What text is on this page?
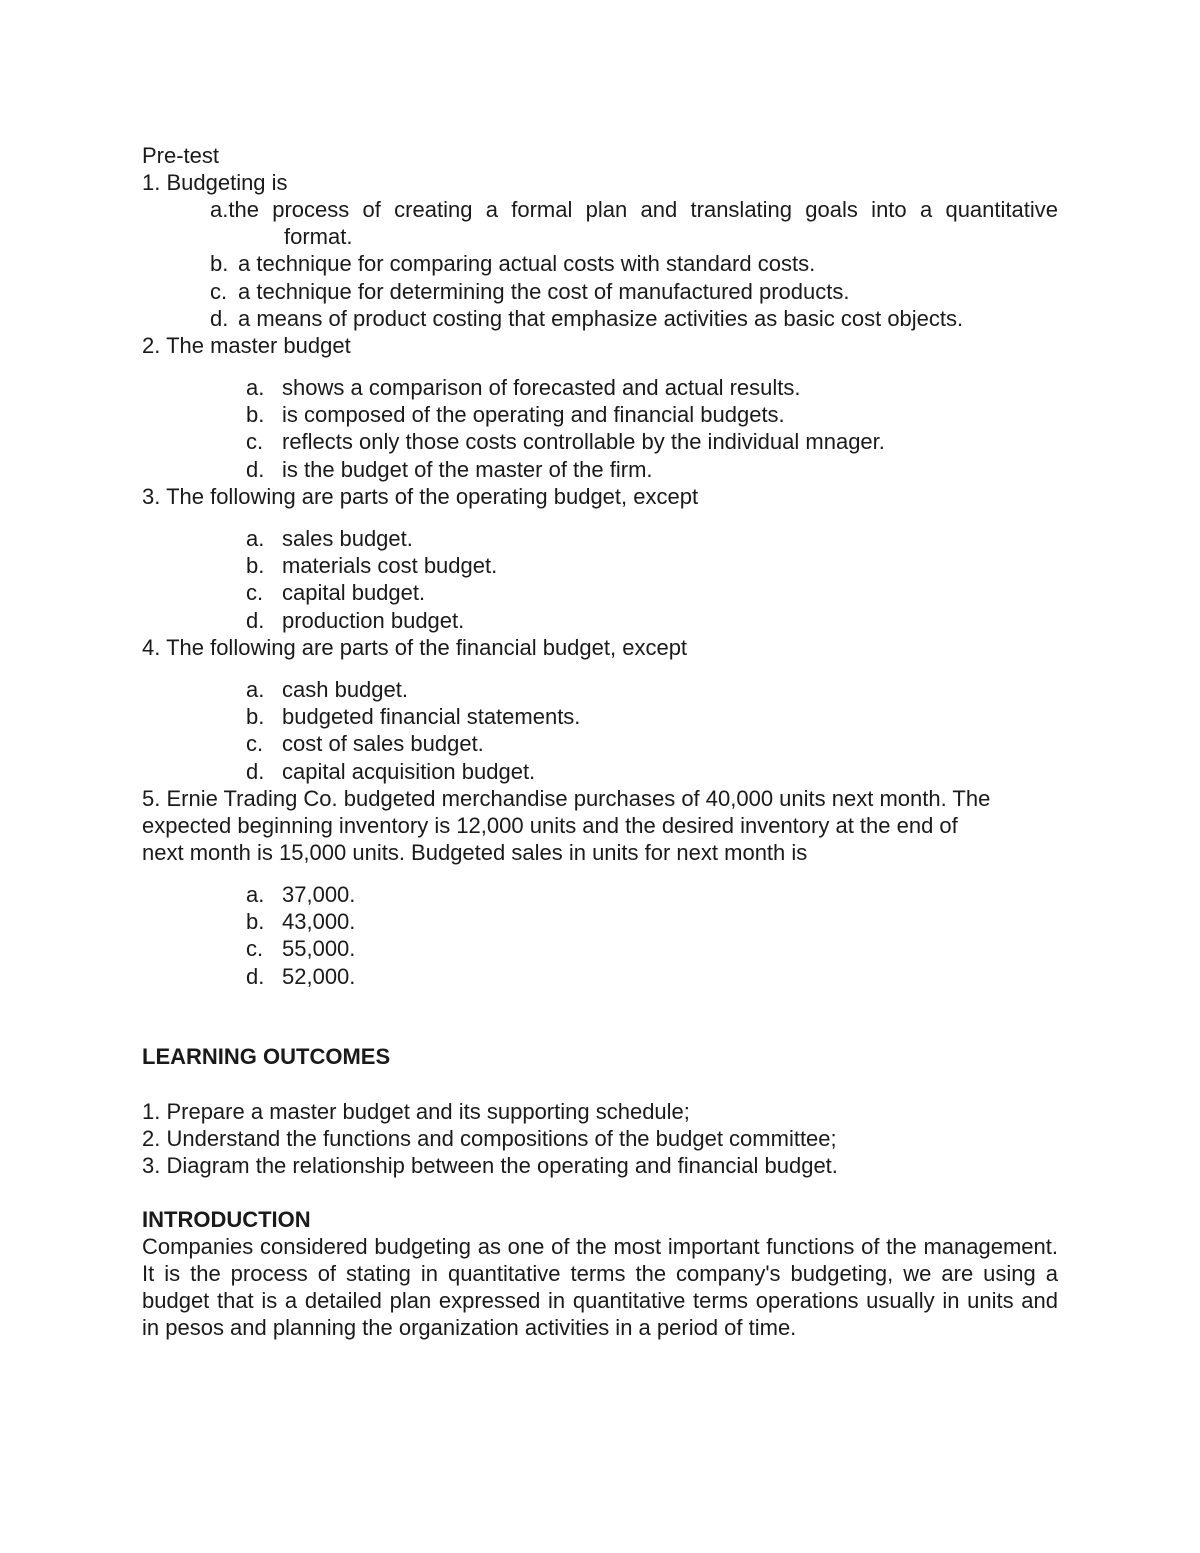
Pre-test
1. Budgeting is
a.the process of creating a formal plan and translating goals into a quantitative
format.
b. a technique for comparing actual costs with standard costs.
c. a technique for determining the cost of manufactured products.
d. a means of product costing that emphasize activities as basic cost objects.
2. The master budget
a. shows a comparison of forecasted and actual results.
b. is composed of the operating and financial budgets.
c. reflects only those costs controllable by the individual mnager.
d. is the budget of the master of the firm.
3. The following are parts of the operating budget, except
a. sales budget.
b. materials cost budget.
c. capital budget.
d. production budget.
4. The following are parts of the financial budget, except
a. cash budget.
b. budgeted financial statements.
c. cost of sales budget.
d. capital acquisition budget.
5. Ernie Trading Co. budgeted merchandise purchases of 40,000 units next month. The
expected beginning inventory is 12,000 units and the desired inventory at the end of
next month is 15,000 units. Budgeted sales in units for next month is
a. 37,000.
b. 43,000.
c. 55,000.
d. 52,000.
LEARNING OUTCOMES
1. Prepare a master budget and its supporting schedule;
2. Understand the functions and compositions of the budget committee;
3. Diagram the relationship between the operating and financial budget.
INTRODUCTION
Companies considered budgeting as one of the most important functions of the management. It is the process of stating in quantitative terms the company's budgeting, we are using a budget that is a detailed plan expressed in quantitative terms operations usually in units and in pesos and planning the organization activities in a period of time.
